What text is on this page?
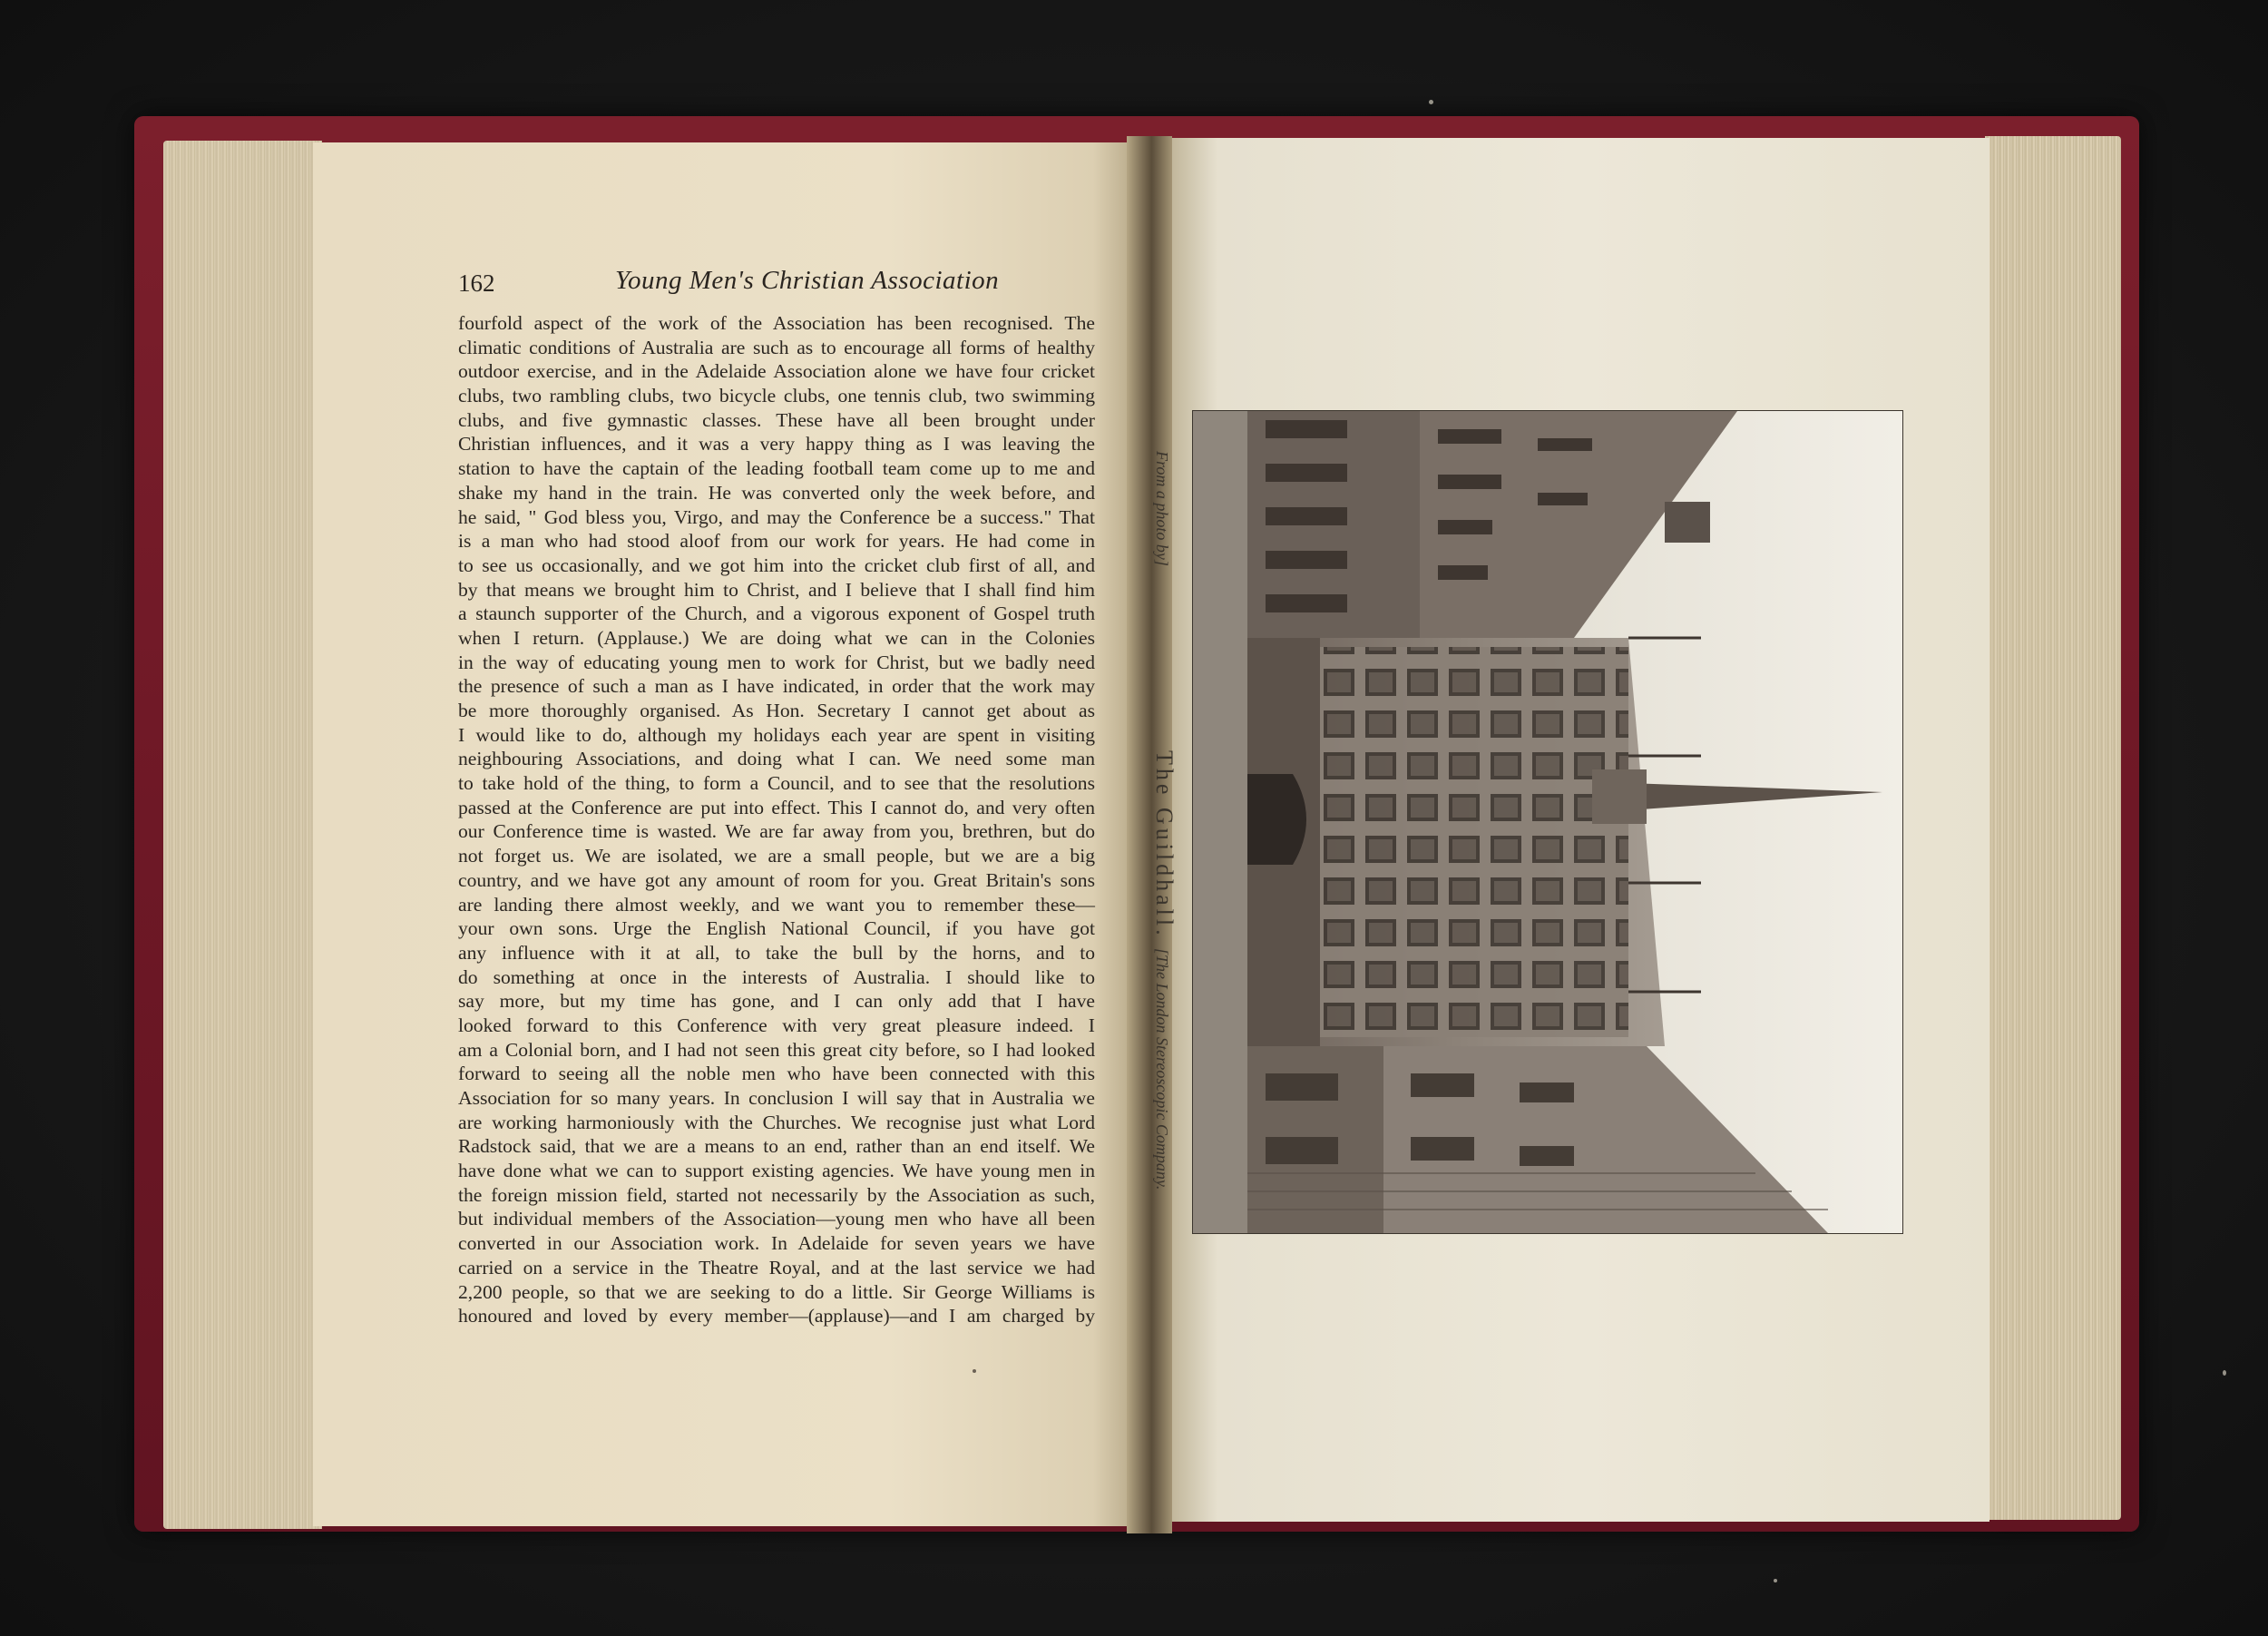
162	Young Men's Christian Association
fourfold aspect of the work of the Association has been recognised. The
climatic conditions of Australia are such as to encourage all forms of healthy
outdoor exercise, and in the Adelaide Association alone we have four cricket
clubs, two rambling clubs, two bicycle clubs, one tennis club, two swimming
clubs, and five gymnastic classes. These have all been brought under
Christian influences, and it was a very happy thing as I was leaving the
station to have the captain of the leading football team come up to me and
shake my hand in the train. He was converted only the week before, and
he said, " God bless you, Virgo, and may the Conference be a success." That
is a man who had stood aloof from our work for years. He had come in
to see us occasionally, and we got him into the cricket club first of all, and
by that means we brought him to Christ, and I believe that I shall find him
a staunch supporter of the Church, and a vigorous exponent of Gospel truth
when I return. (Applause.) We are doing what we can in the Colonies
in the way of educating young men to work for Christ, but we badly need
the presence of such a man as I have indicated, in order that the work may
be more thoroughly organised. As Hon. Secretary I cannot get about as
I would like to do, although my holidays each year are spent in visiting
neighbouring Associations, and doing what I can. We need some man
to take hold of the thing, to form a Council, and to see that the resolutions
passed at the Conference are put into effect. This I cannot do, and very often
our Conference time is wasted. We are far away from you, brethren, but do
not forget us. We are isolated, we are a small people, but we are a big
country, and we have got any amount of room for you. Great Britain's sons
are landing there almost weekly, and we want you to remember these—
your own sons. Urge the English National Council, if you have got
any influence with it at all, to take the bull by the horns, and to
do something at once in the interests of Australia. I should like to
say more, but my time has gone, and I can only add that I have
looked forward to this Conference with very great pleasure indeed. I
am a Colonial born, and I had not seen this great city before, so I had looked
forward to seeing all the noble men who have been connected with this
Association for so many years. In conclusion I will say that in Australia we
are working harmoniously with the Churches. We recognise just what Lord
Radstock said, that we are a means to an end, rather than an end itself. We
have done what we can to support existing agencies. We have young men in
the foreign mission field, started not necessarily by the Association as such,
but individual members of the Association—young men who have all been
converted in our Association work. In Adelaide for seven years we have
carried on a service in the Theatre Royal, and at the last service we had
2,200 people, so that we are seeking to do a little. Sir George Williams is
honoured and loved by every member—(applause)—and I am charged by
From a photo by]
The Guildhall.
[The London Stereoscopic Company.
